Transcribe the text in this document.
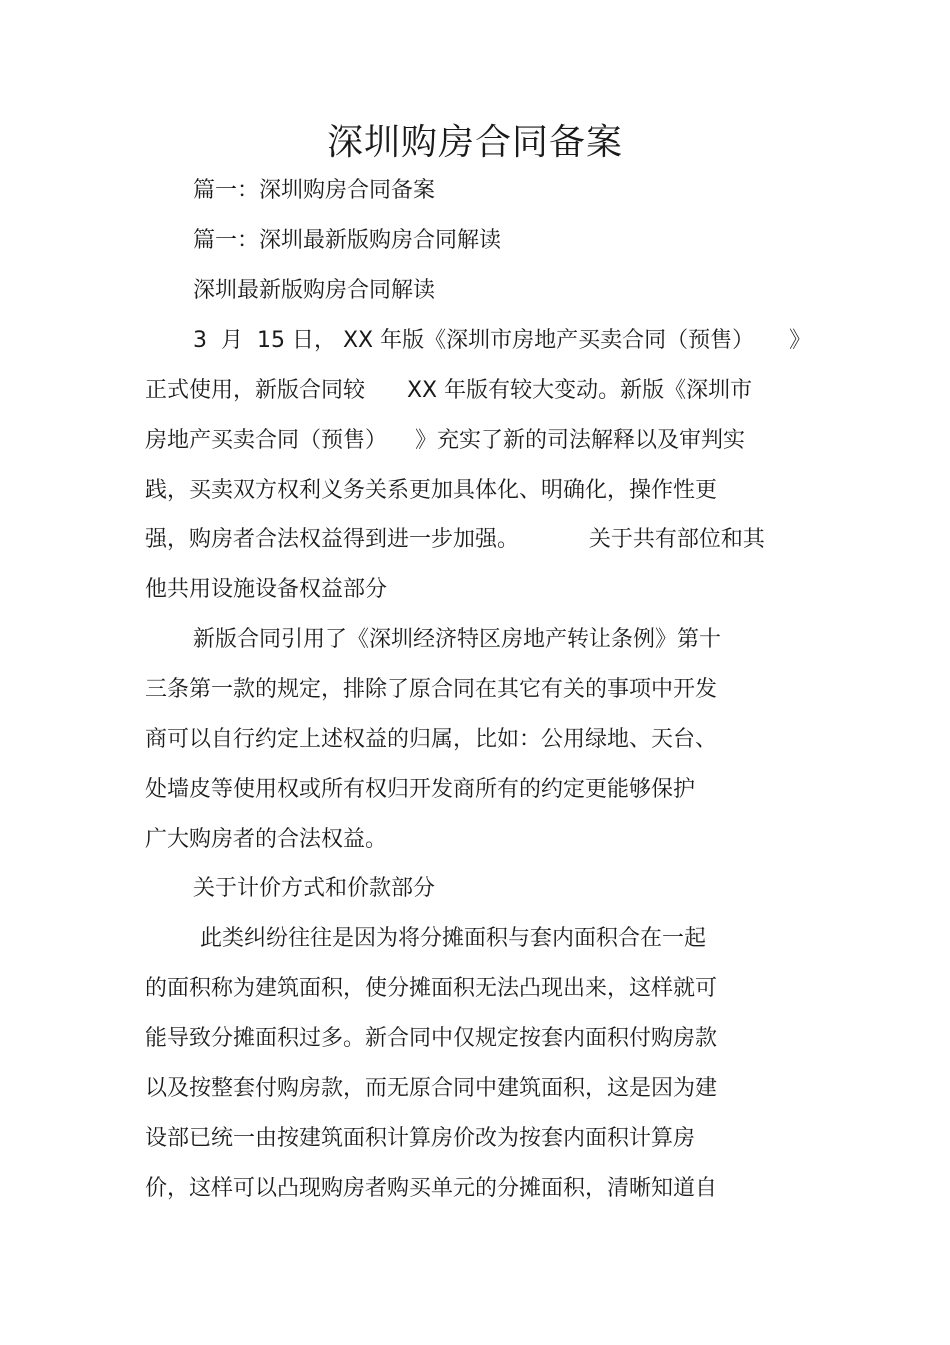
深圳购房合同备案
篇一：深圳购房合同备案
篇一：深圳最新版购房合同解读
深圳最新版购房合同解读
3  月  15 日， XX 年版《深圳市房地产买卖合同（预售）     》
正式使用，新版合同较      XX 年版有较大变动。新版《深圳市
房地产买卖合同（预售）    》充实了新的司法解释以及审判实
践，买卖双方权利义务关系更加具体化、明确化，操作性更
强，购房者合法权益得到进一步加强。          关于共有部位和其
他共用设施设备权益部分
新版合同引用了《深圳经济特区房地产转让条例》第十
三条第一款的规定，排除了原合同在其它有关的事项中开发
商可以自行约定上述权益的归属，比如：公用绿地、天台、
处墙皮等使用权或所有权归开发商所有的约定更能够保护
广大购房者的合法权益。
关于计价方式和价款部分
此类纠纷往往是因为将分摊面积与套内面积合在一起
的面积称为建筑面积，使分摊面积无法凸现出来，这样就可
能导致分摊面积过多。新合同中仅规定按套内面积付购房款
以及按整套付购房款，而无原合同中建筑面积，这是因为建
设部已统一由按建筑面积计算房价改为按套内面积计算房
价，这样可以凸现购房者购买单元的分摊面积，清晰知道自
